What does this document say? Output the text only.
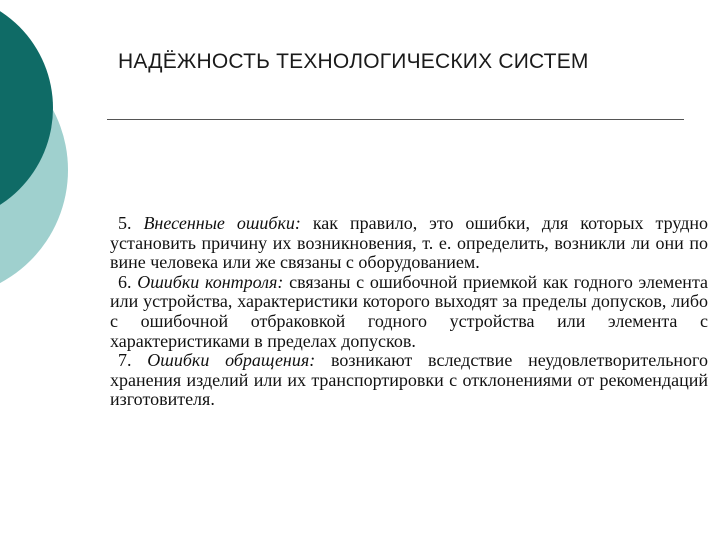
НАДЁЖНОСТЬ ТЕХНОЛОГИЧЕСКИХ СИСТЕМ

5. Внесенные ошибки: как правило, это ошибки, для которых трудно установить причину их возникновения, т. е. определить, возникли ли они по вине человека или же связаны с оборудованием.

6. Ошибки контроля: связаны с ошибочной приемкой как годного элемента или устройства, характеристики которого выходят за пределы допусков, либо с ошибочной отбраковкой годного устройства или элемента с характеристиками в пределах допусков.

7. Ошибки обращения: возникают вследствие неудовлетворительного хранения изделий или их транспортировки с отклонениями от рекомендаций изготовителя.
